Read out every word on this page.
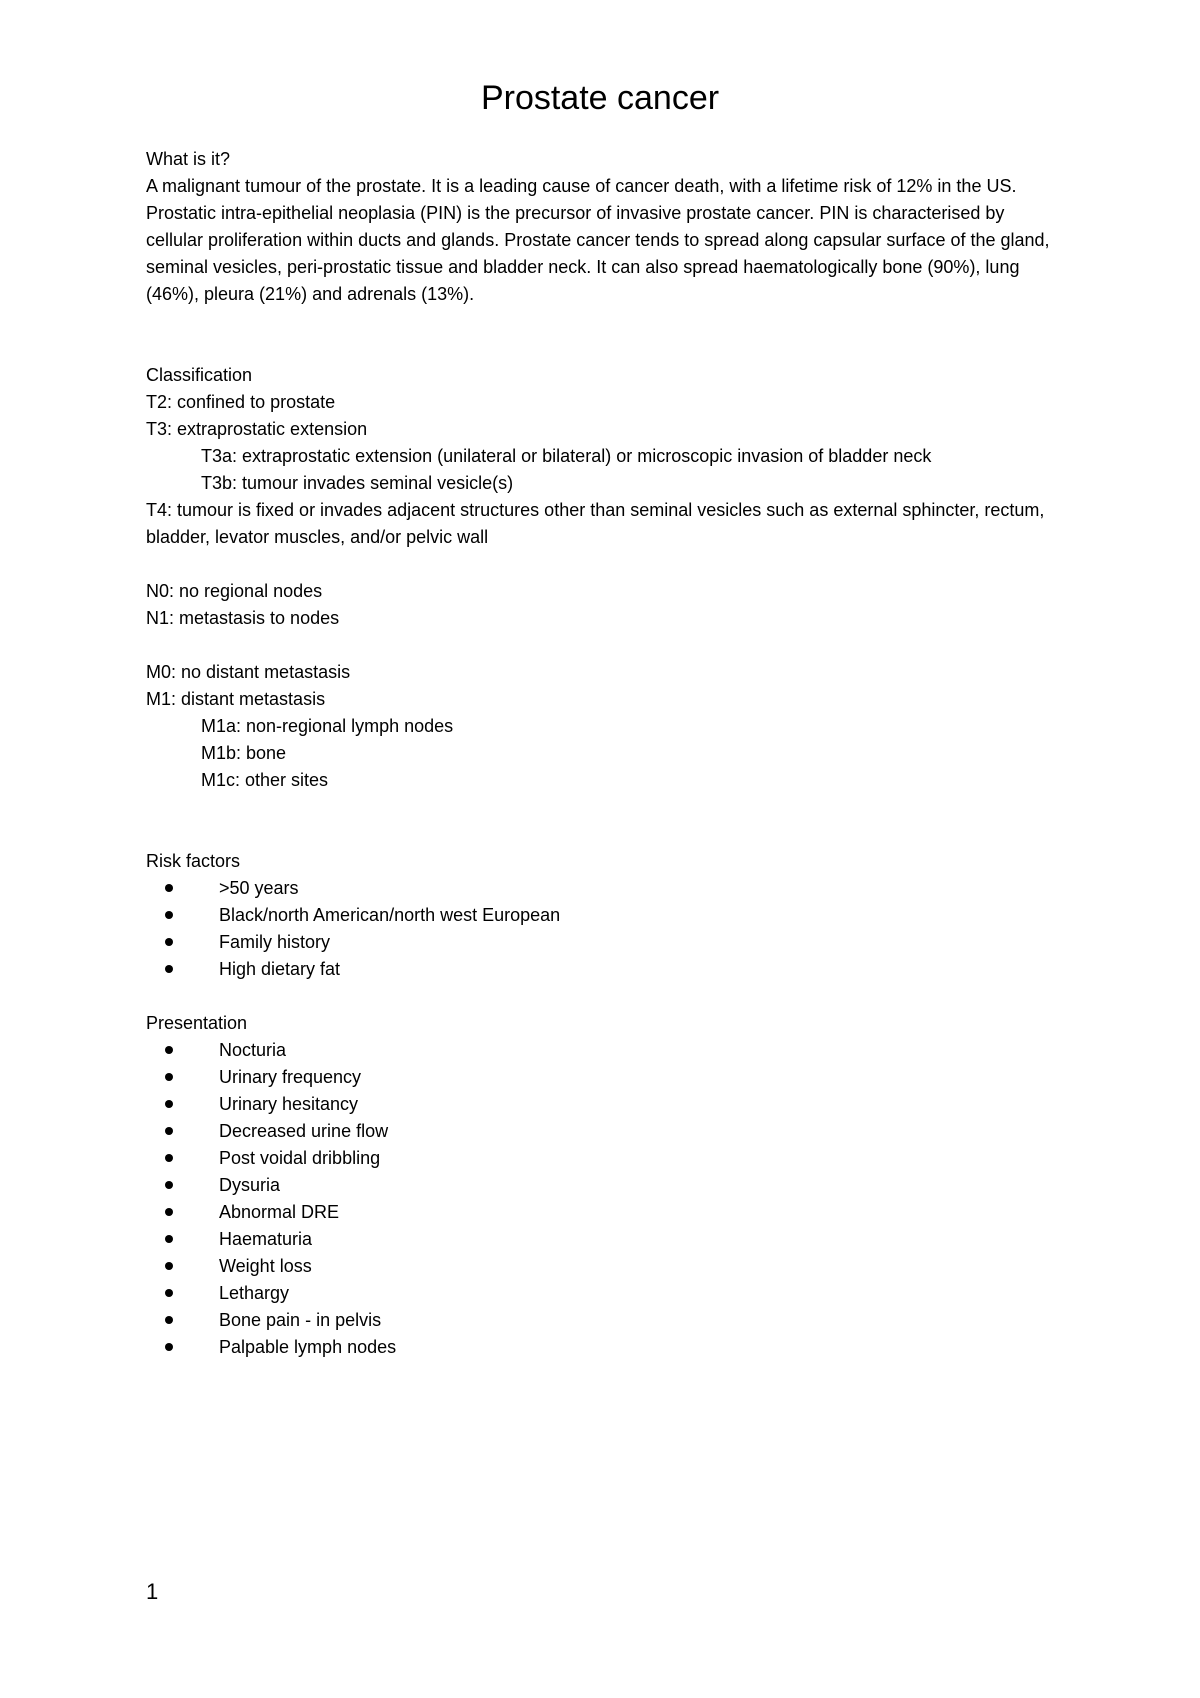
Prostate cancer

What is it?

A malignant tumour of the prostate. It is a leading cause of cancer death, with a lifetime risk of 12% in the US. Prostatic intra-epithelial neoplasia (PIN) is the precursor of invasive prostate cancer. PIN is characterised by cellular proliferation within ducts and glands. Prostate cancer tends to spread along capsular surface of the gland, seminal vesicles, peri-prostatic tissue and bladder neck. It can also spread haematologically bone (90%), lung (46%), pleura (21%) and adrenals (13%).

Classification

T2: confined to prostate

T3: extraprostatic extension

T3a: extraprostatic extension (unilateral or bilateral) or microscopic invasion of bladder neck

T3b: tumour invades seminal vesicle(s)

T4: tumour is fixed or invades adjacent structures other than seminal vesicles such as external sphincter, rectum, bladder, levator muscles, and/or pelvic wall

N0: no regional nodes

N1: metastasis to nodes

M0: no distant metastasis

M1: distant metastasis

M1a: non-regional lymph nodes

M1b: bone

M1c: other sites

Risk factors

>50 years
Black/north American/north west European
Family history
High dietary fat

Presentation

Nocturia
Urinary frequency
Urinary hesitancy
Decreased urine flow
Post voidal dribbling
Dysuria
Abnormal DRE
Haematuria
Weight loss
Lethargy
Bone pain - in pelvis
Palpable lymph nodes
1
